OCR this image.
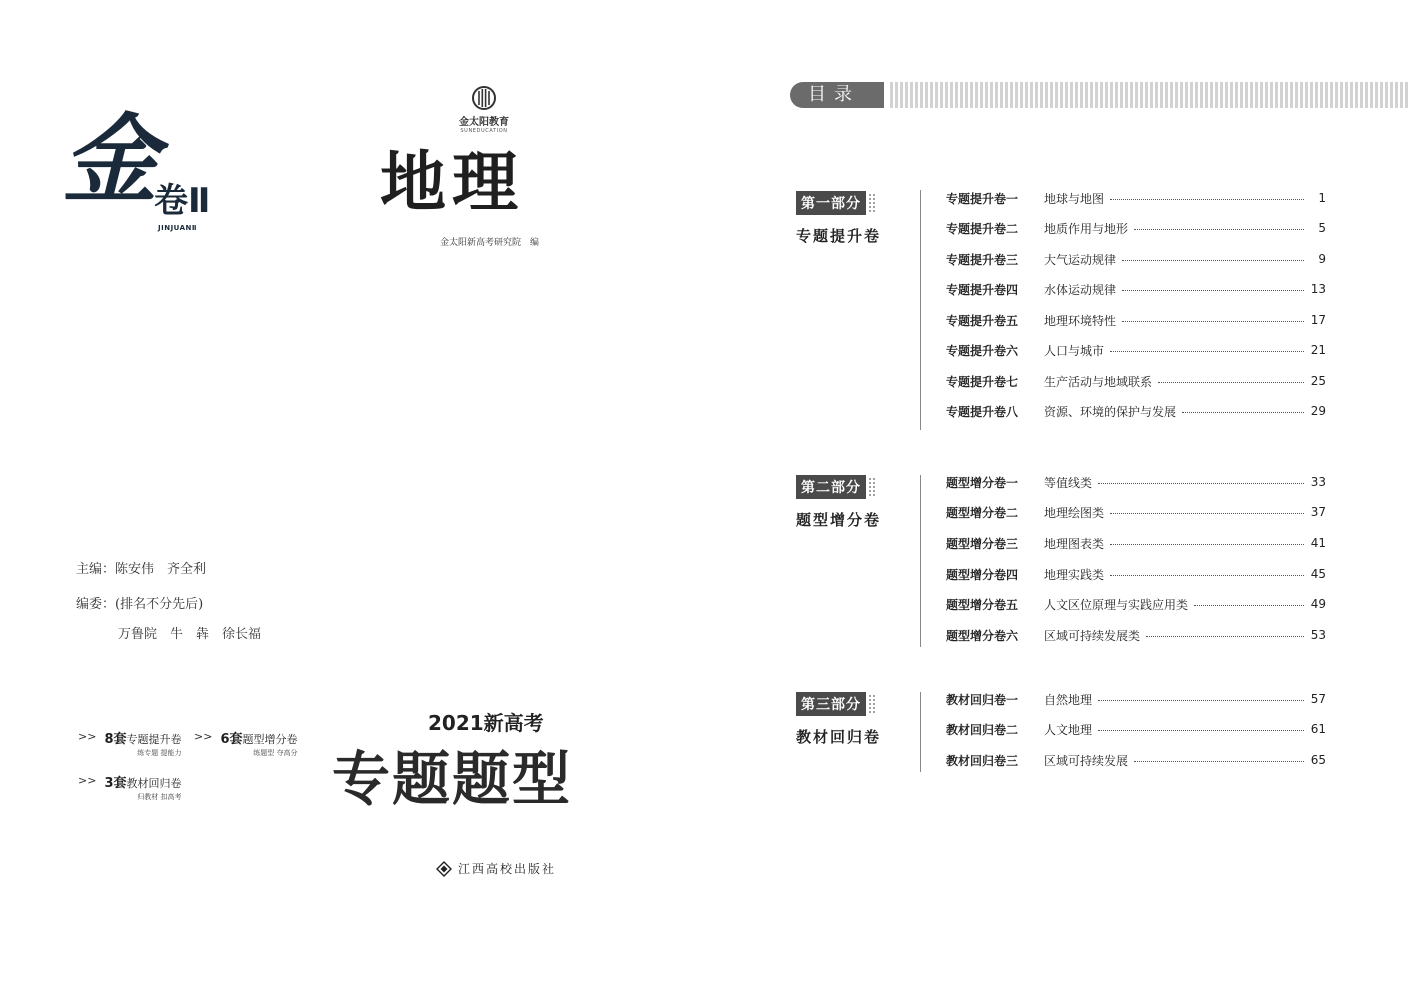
金 卷Ⅱ
JINJUANⅡ
金太阳教育
SUNEDUCATION
地理
金太阳新高考研究院　编
主编：陈安伟　齐全利
编委：(排名不分先后)
万鲁院　牛　犇　徐长福
>> 8套 专题提升卷
练专题 提能力
>> 6套 题型增分卷
练题型 夺高分
>> 3套 教材回归卷
归教材 扣高考
2021新高考
专题题型
江西高校出版社
目录
第一部分
专题提升卷
专题提升卷一	地球与地图	1
专题提升卷二	地质作用与地形	5
专题提升卷三	大气运动规律	9
专题提升卷四	水体运动规律	13
专题提升卷五	地理环境特性	17
专题提升卷六	人口与城市	21
专题提升卷七	生产活动与地域联系	25
专题提升卷八	资源、环境的保护与发展	29
第二部分
题型增分卷
题型增分卷一	等值线类	33
题型增分卷二	地理绘图类	37
题型增分卷三	地理图表类	41
题型增分卷四	地理实践类	45
题型增分卷五	人文区位原理与实践应用类	49
题型增分卷六	区域可持续发展类	53
第三部分
教材回归卷
教材回归卷一	自然地理	57
教材回归卷二	人文地理	61
教材回归卷三	区域可持续发展	65
